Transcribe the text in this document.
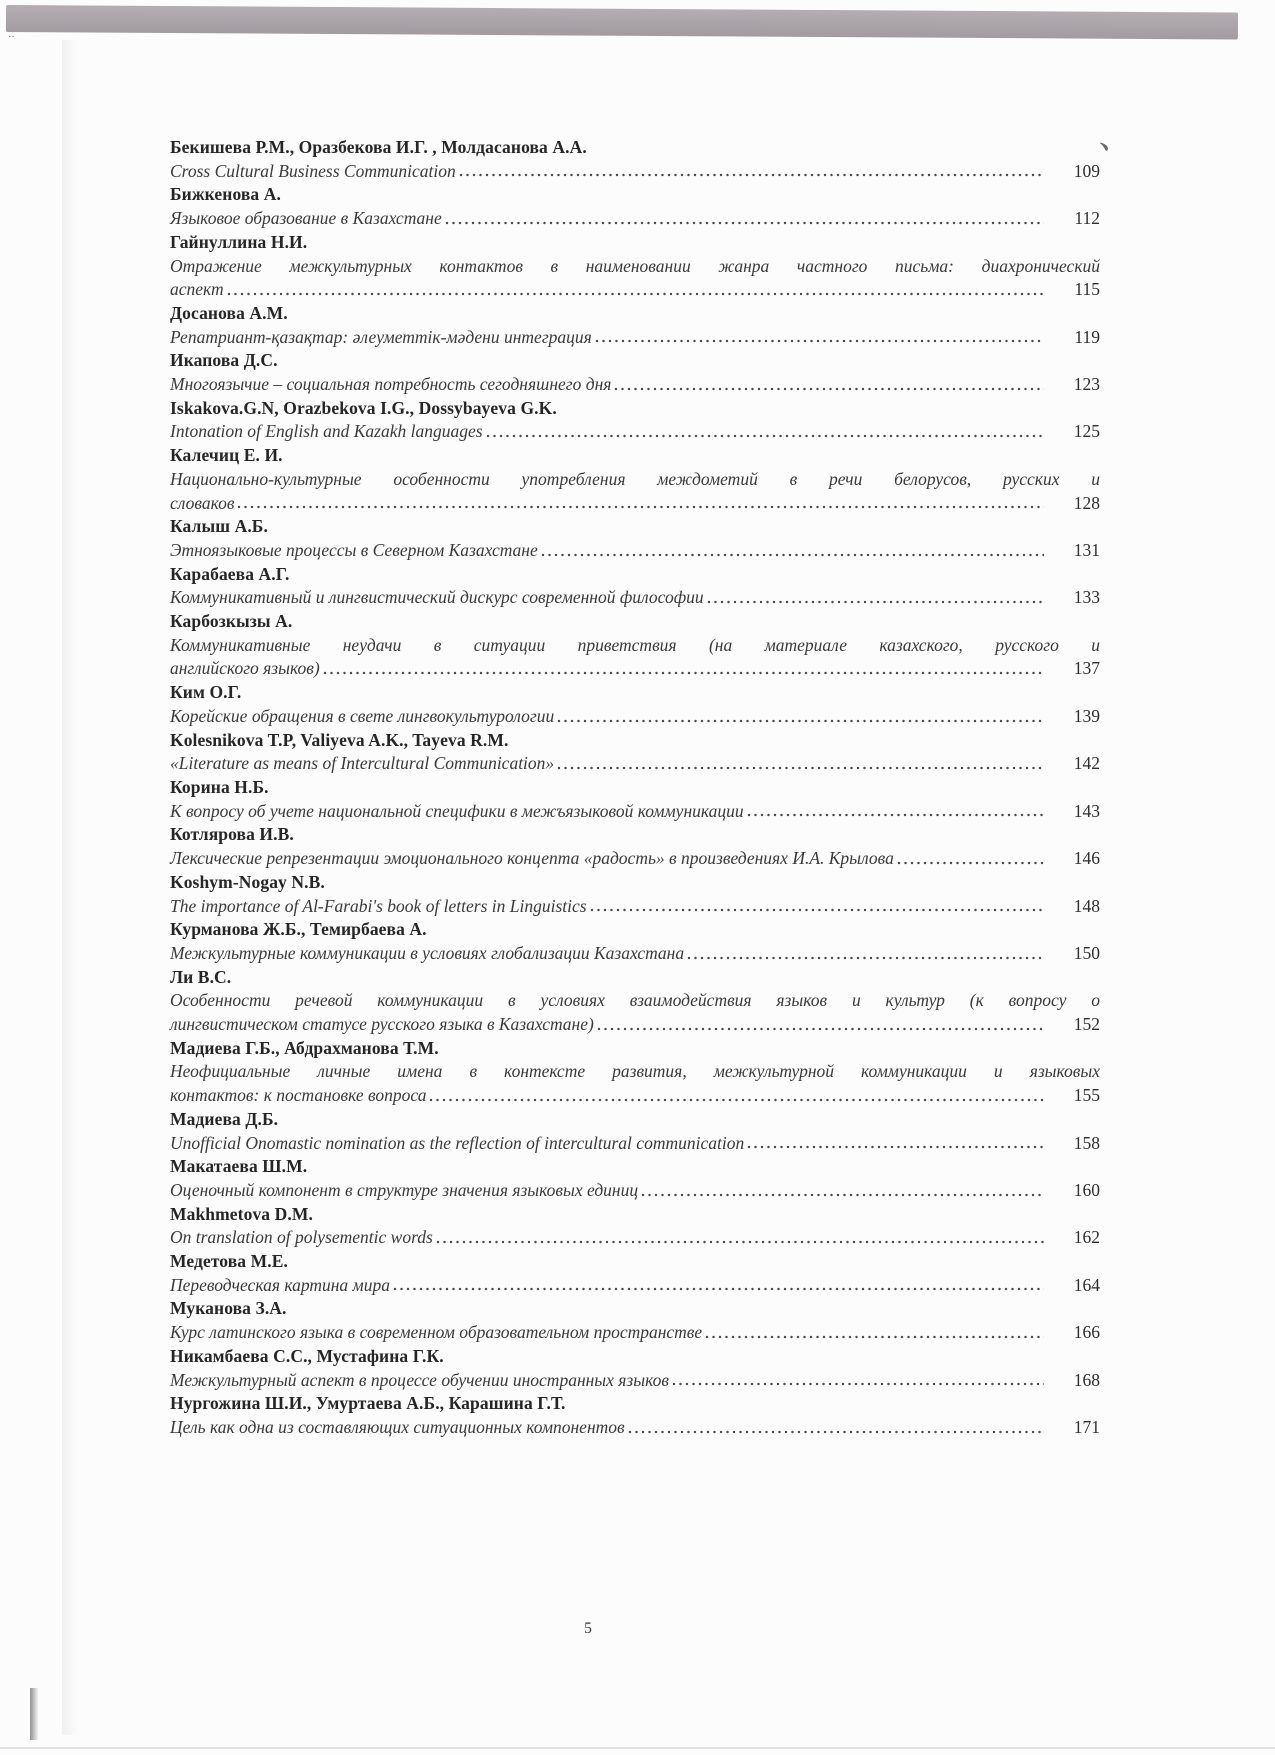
··
﹅
Бекишева Р.М., Оразбекова И.Г. , Молдасанова А.А.
Cross Cultural Business Communication	109
Бижкенова А.
Языковое образование в Казахстане	112
Гайнуллина Н.И.
Отражение межкультурных контактов в наименовании жанра частного письма: диахронический
аспект	115
Досанова А.М.
Репатриант-қазақтар: әлеуметтік-мәдени интеграция	119
Икапова Д.С.
Многоязычие – социальная потребность сегодняшнего дня	123
Iskakova.G.N, Orazbekova I.G., Dossybayeva G.K.
Intonation of English and Kazakh languages	125
Калечиц Е. И.
Национально-культурные особенности употребления междометий в речи белорусов, русских и
словаков	128
Калыш А.Б.
Этноязыковые процессы в Северном Казахстане	131
Карабаева А.Г.
Коммуникативный и лингвистический дискурс современной философии	133
Карбозкызы А.
Коммуникативные неудачи в ситуации приветствия (на материале казахского, русского и
английского языков)	137
Ким О.Г.
Корейские обращения в свете лингвокультурологии	139
Kolesnikova T.P, Valiyeva A.K., Tayeva R.M.
«Literature as means of Intercultural Communication»	142
Корина Н.Б.
К вопросу об учете национальной специфики в межъязыковой коммуникации	143
Котлярова И.В.
Лексические репрезентации эмоционального концепта «радость» в произведениях И.А. Крылова	146
Koshym-Nogay N.B.
The importance of Al-Farabi's book of letters in Linguistics	148
Курманова Ж.Б., Темирбаева А.
Межкультурные коммуникации в условиях глобализации Казахстана	150
Ли В.С.
Особенности речевой коммуникации в условиях взаимодействия языков и культур (к вопросу о
лингвистическом статусе русского языка в Казахстане)	152
Мадиева Г.Б., Абдрахманова Т.М.
Неофициальные личные имена в контексте развития, межкультурной коммуникации и языковых
контактов: к постановке вопроса	155
Мадиева Д.Б.
Unofficial Onomastic nomination as the reflection of intercultural communication	158
Макатаева Ш.М.
Оценочный компонент в структуре значения языковых единиц	160
Makhmetova D.M.
On translation of polysementic words	162
Медетова М.Е.
Переводческая картина мира	164
Муканова З.А.
Курс латинского языка в современном образовательном пространстве	166
Никамбаева С.С., Мустафина Г.К.
Межкультурный аспект в процессе обучении иностранных языков	168
Нургожина Ш.И., Умуртаева А.Б., Карашина Г.Т.
Цель как одна из составляющих ситуационных компонентов	171
5
